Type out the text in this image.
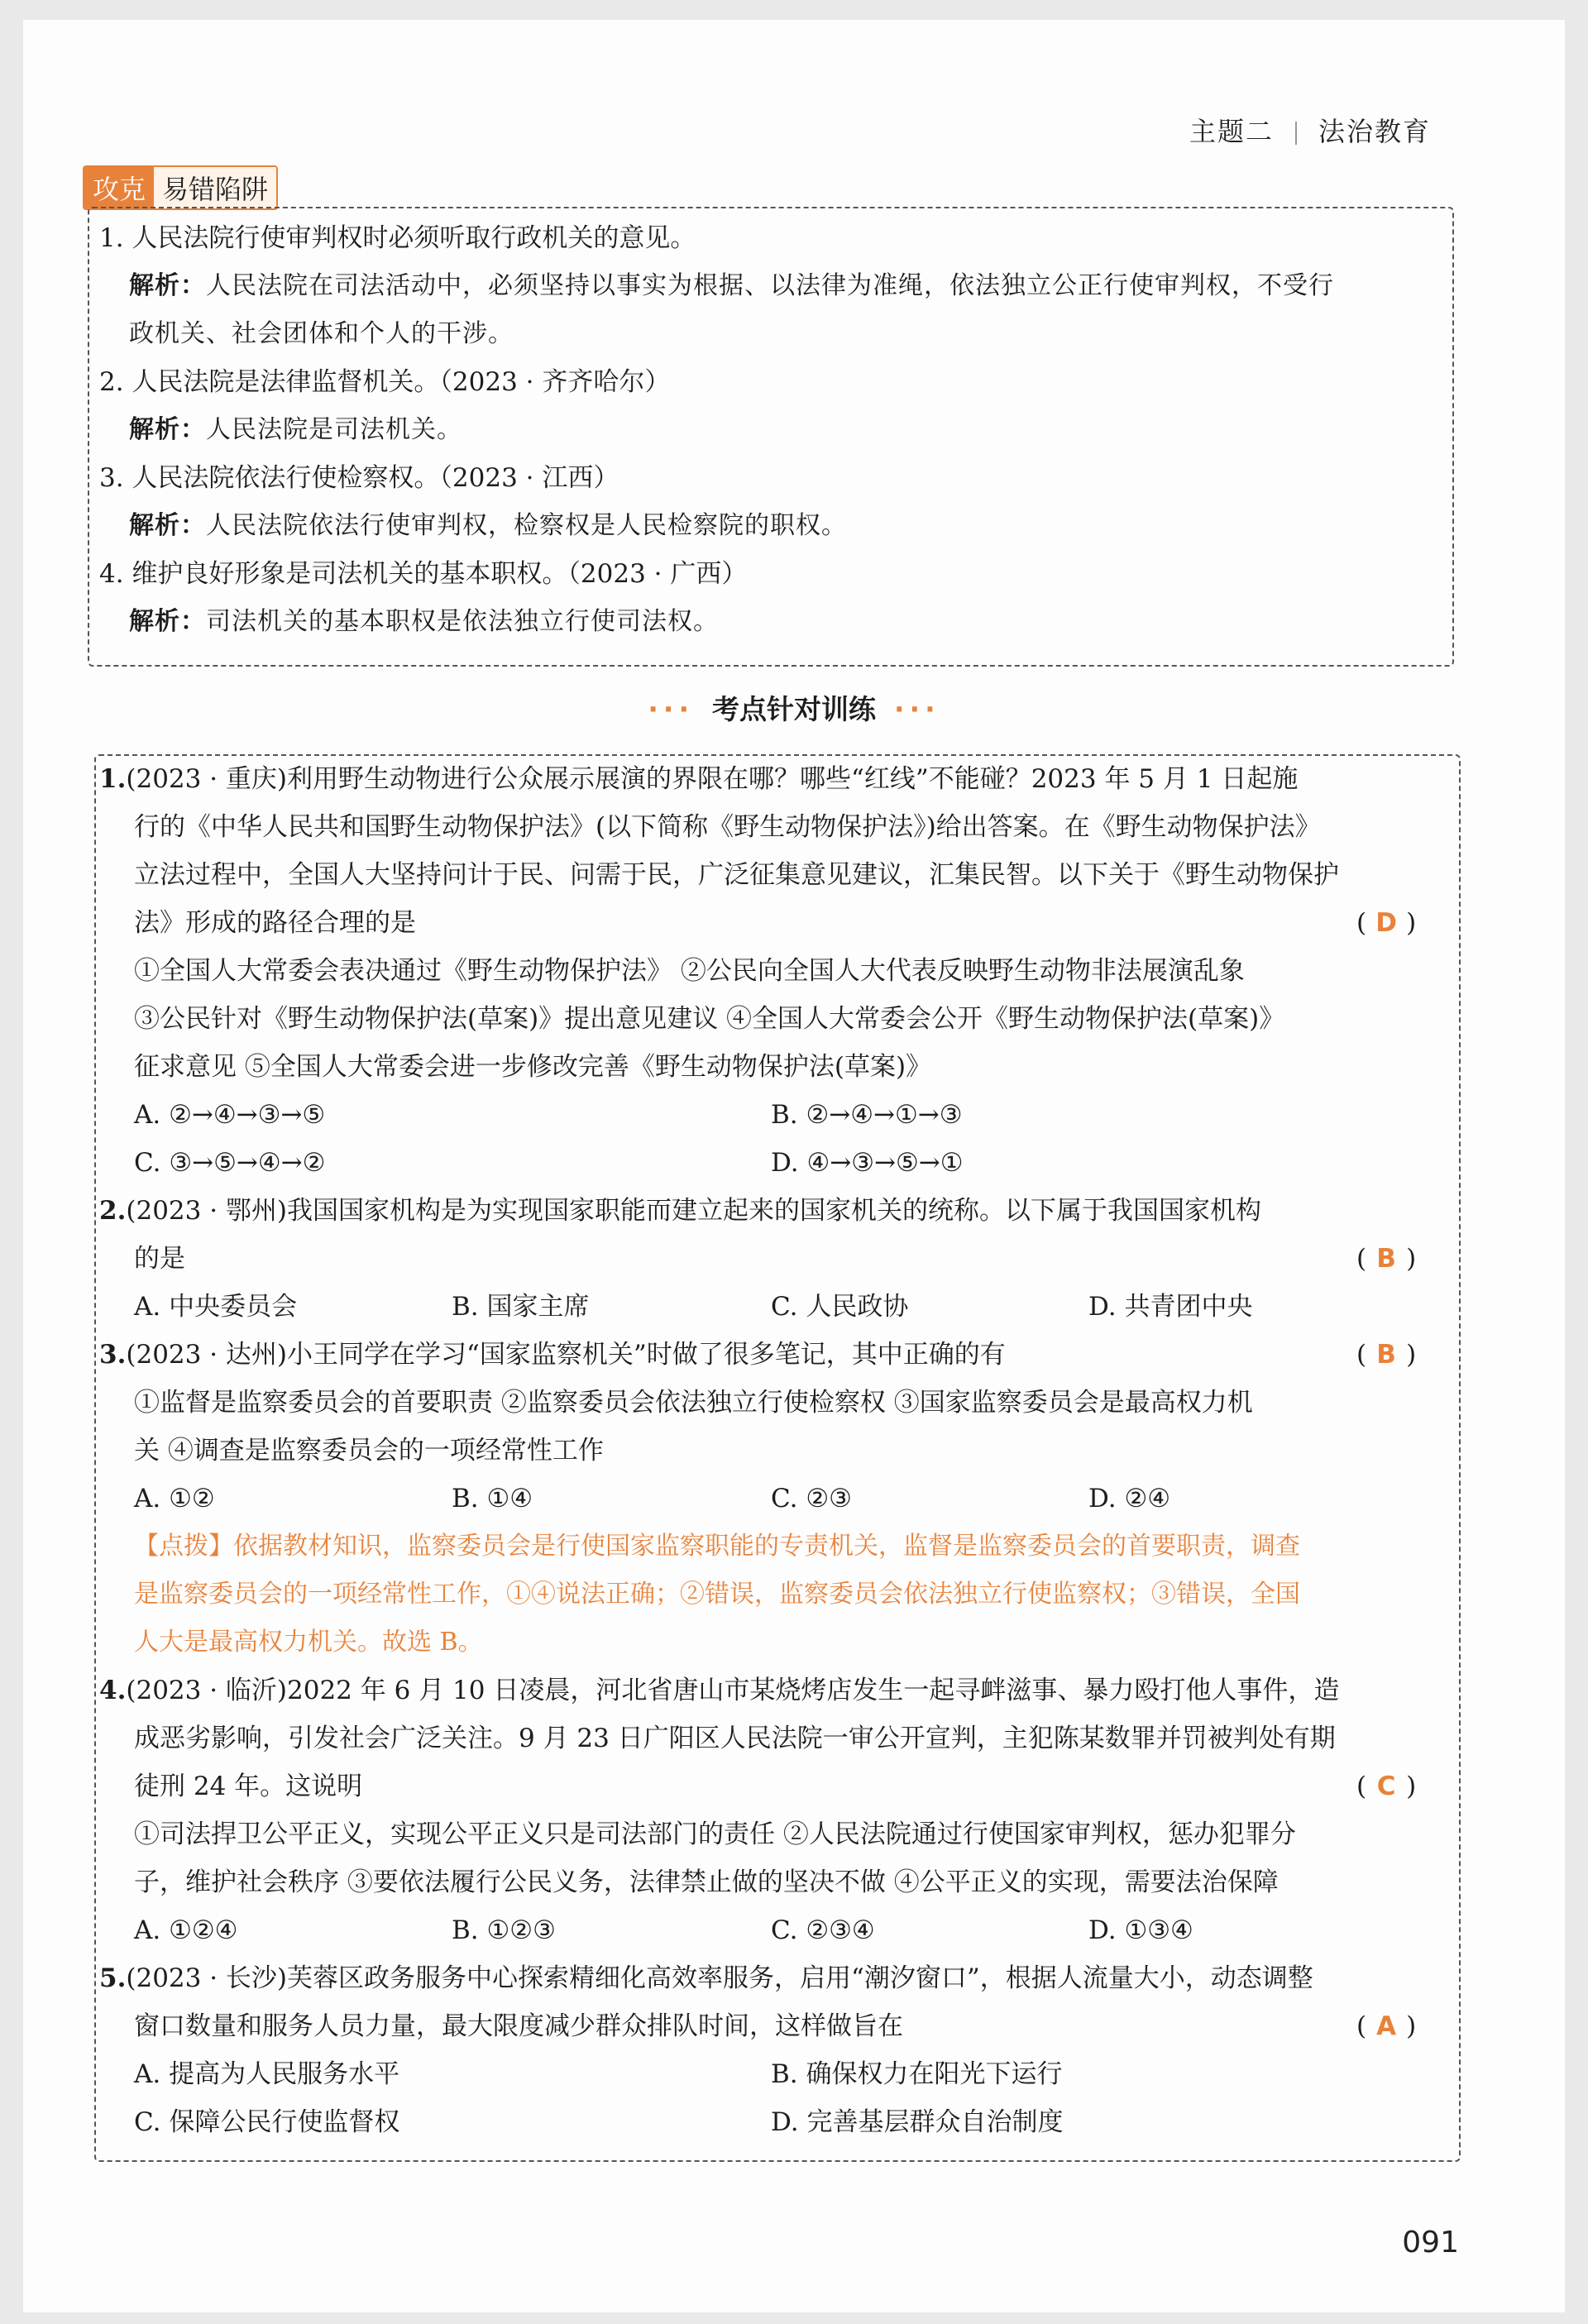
主题二 法治教育
攻克 易错陷阱
1. 人民法院行使审判权时必须听取行政机关的意见。
解析：人民法院在司法活动中，必须坚持以事实为根据、以法律为准绳，依法独立公正行使审判权，不受行
政机关、社会团体和个人的干涉。
2. 人民法院是法律监督机关。（2023 · 齐齐哈尔）
解析：人民法院是司法机关。
3. 人民法院依法行使检察权。（2023 · 江西）
解析：人民法院依法行使审判权，检察权是人民检察院的职权。
4. 维护良好形象是司法机关的基本职权。（2023 · 广西）
解析：司法机关的基本职权是依法独立行使司法权。
··· 考点针对训练 ···
1.(2023 · 重庆)利用野生动物进行公众展示展演的界限在哪？哪些“红线”不能碰？2023 年 5 月 1 日起施
行的《中华人民共和国野生动物保护法》(以下简称《野生动物保护法》)给出答案。在《野生动物保护法》
立法过程中，全国人大坚持问计于民、问需于民，广泛征集意见建议，汇集民智。以下关于《野生动物保护
法》形成的路径合理的是	( D )
①全国人大常委会表决通过《野生动物保护法》 ②公民向全国人大代表反映野生动物非法展演乱象
③公民针对《野生动物保护法(草案)》提出意见建议 ④全国人大常委会公开《野生动物保护法(草案)》
征求意见 ⑤全国人大常委会进一步修改完善《野生动物保护法(草案)》
A. ②→④→③→⑤	B. ②→④→①→③
C. ③→⑤→④→②	D. ④→③→⑤→①
2.(2023 · 鄂州)我国国家机构是为实现国家职能而建立起来的国家机关的统称。以下属于我国国家机构
的是	( B )
A. 中央委员会	B. 国家主席	C. 人民政协	D. 共青团中央
3.(2023 · 达州)小王同学在学习“国家监察机关”时做了很多笔记，其中正确的有	( B )
①监督是监察委员会的首要职责 ②监察委员会依法独立行使检察权 ③国家监察委员会是最高权力机
关 ④调查是监察委员会的一项经常性工作
A. ①②	B. ①④	C. ②③	D. ②④
【点拨】依据教材知识，监察委员会是行使国家监察职能的专责机关，监督是监察委员会的首要职责，调查
是监察委员会的一项经常性工作，①④说法正确；②错误，监察委员会依法独立行使监察权；③错误，全国
人大是最高权力机关。故选 B。
4.(2023 · 临沂)2022 年 6 月 10 日凌晨，河北省唐山市某烧烤店发生一起寻衅滋事、暴力殴打他人事件，造
成恶劣影响，引发社会广泛关注。9 月 23 日广阳区人民法院一审公开宣判，主犯陈某数罪并罚被判处有期
徒刑 24 年。这说明	( C )
①司法捍卫公平正义，实现公平正义只是司法部门的责任 ②人民法院通过行使国家审判权，惩办犯罪分
子，维护社会秩序 ③要依法履行公民义务，法律禁止做的坚决不做 ④公平正义的实现，需要法治保障
A. ①②④	B. ①②③	C. ②③④	D. ①③④
5.(2023 · 长沙)芙蓉区政务服务中心探索精细化高效率服务，启用“潮汐窗口”，根据人流量大小，动态调整
窗口数量和服务人员力量，最大限度减少群众排队时间，这样做旨在	( A )
A. 提高为人民服务水平	B. 确保权力在阳光下运行
C. 保障公民行使监督权	D. 完善基层群众自治制度
091
